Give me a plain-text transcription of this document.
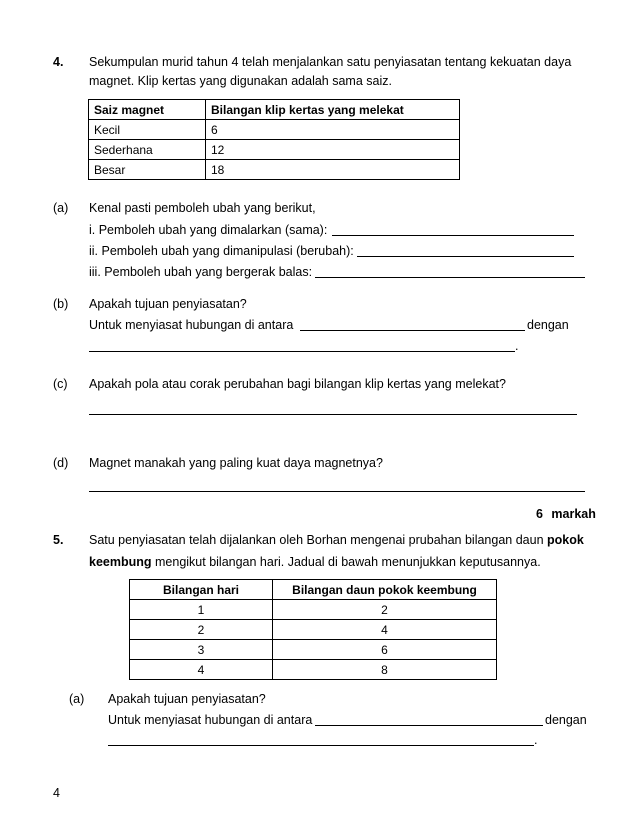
4. Sekumpulan murid tahun 4 telah menjalankan satu penyiasatan tentang kekuatan daya
magnet. Klip kertas yang digunakan adalah sama saiz.
Saiz magnet	Bilangan klip kertas yang melekat
Kecil	6
Sederhana	12
Besar	18
(a) Kenal pasti pemboleh ubah yang berikut,
i. Pemboleh ubah yang dimalarkan (sama):
ii. Pemboleh ubah yang dimanipulasi (berubah):
iii. Pemboleh ubah yang bergerak balas:
(b) Apakah tujuan penyiasatan?
Untuk menyiasat hubungan di antara	dengan
.
(c) Apakah pola atau corak perubahan bagi bilangan klip kertas yang melekat?
(d) Magnet manakah yang paling kuat daya magnetnya?
6 markah
5. Satu penyiasatan telah dijalankan oleh Borhan mengenai prubahan bilangan daun pokok
keembung mengikut bilangan hari. Jadual di bawah menunjukkan keputusannya.
Bilangan hari	Bilangan daun pokok keembung
1	2
2	4
3	6
4	8
(a) Apakah tujuan penyiasatan?
Untuk menyiasat hubungan di antara	dengan
.
4
